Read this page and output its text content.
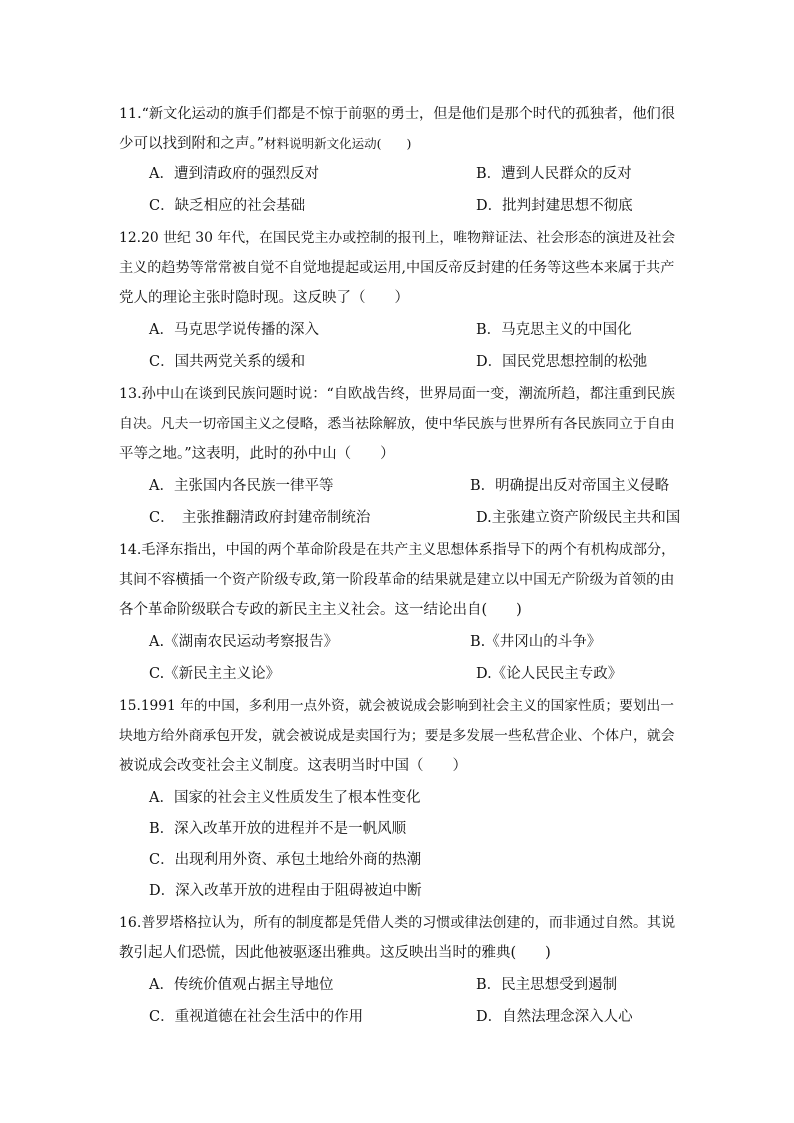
11.“新文化运动的旗手们都是不惊于前驱的勇士，但是他们是那个时代的孤独者，他们很
少可以找到附和之声。”材料说明新文化运动(　　)
A．遭到清政府的强烈反对	B．遭到人民群众的反对
C．缺乏相应的社会基础	D．批判封建思想不彻底
12.20 世纪 30 年代，在国民党主办或控制的报刊上，唯物辩证法、社会形态的演进及社会
主义的趋势等常常被自觉不自觉地提起或运用,中国反帝反封建的任务等这些本来属于共产
党人的理论主张时隐时现。这反映了（　　）
A．马克思学说传播的深入	B．马克思主义的中国化
C．国共两党关系的缓和	D．国民党思想控制的松弛
13.孙中山在谈到民族问题时说：“自欧战告终，世界局面一变，潮流所趋，都注重到民族
自决。凡夫一切帝国主义之侵略，悉当祛除解放，使中华民族与世界所有各民族同立于自由
平等之地。”这表明，此时的孙中山（　　）
A．主张国内各民族一律平等	B．明确提出反对帝国主义侵略
C．　主张推翻清政府封建帝制统治	D.主张建立资产阶级民主共和国
14.毛泽东指出，中国的两个革命阶段是在共产主义思想体系指导下的两个有机构成部分，
其间不容横插一个资产阶级专政,第一阶段革命的结果就是建立以中国无产阶级为首领的由
各个革命阶级联合专政的新民主主义社会。这一结论出自(　　)
A.《湖南农民运动考察报告》	B.《井冈山的斗争》
C.《新民主主义论》	D.《论人民民主专政》
15.1991 年的中国，多利用一点外资，就会被说成会影响到社会主义的国家性质；要划出一
块地方给外商承包开发，就会被说成是卖国行为；要是多发展一些私营企业、个体户，就会
被说成会改变社会主义制度。这表明当时中国（　　）
A．国家的社会主义性质发生了根本性变化
B．深入改革开放的进程并不是一帆风顺
C．出现利用外资、承包土地给外商的热潮
D．深入改革开放的进程由于阻碍被迫中断
16.普罗塔格拉认为，所有的制度都是凭借人类的习惯或律法创建的，而非通过自然。其说
教引起人们恐慌，因此他被驱逐出雅典。这反映出当时的雅典(　　)
A．传统价值观占据主导地位	B．民主思想受到遏制
C．重视道德在社会生活中的作用	D．自然法理念深入人心
